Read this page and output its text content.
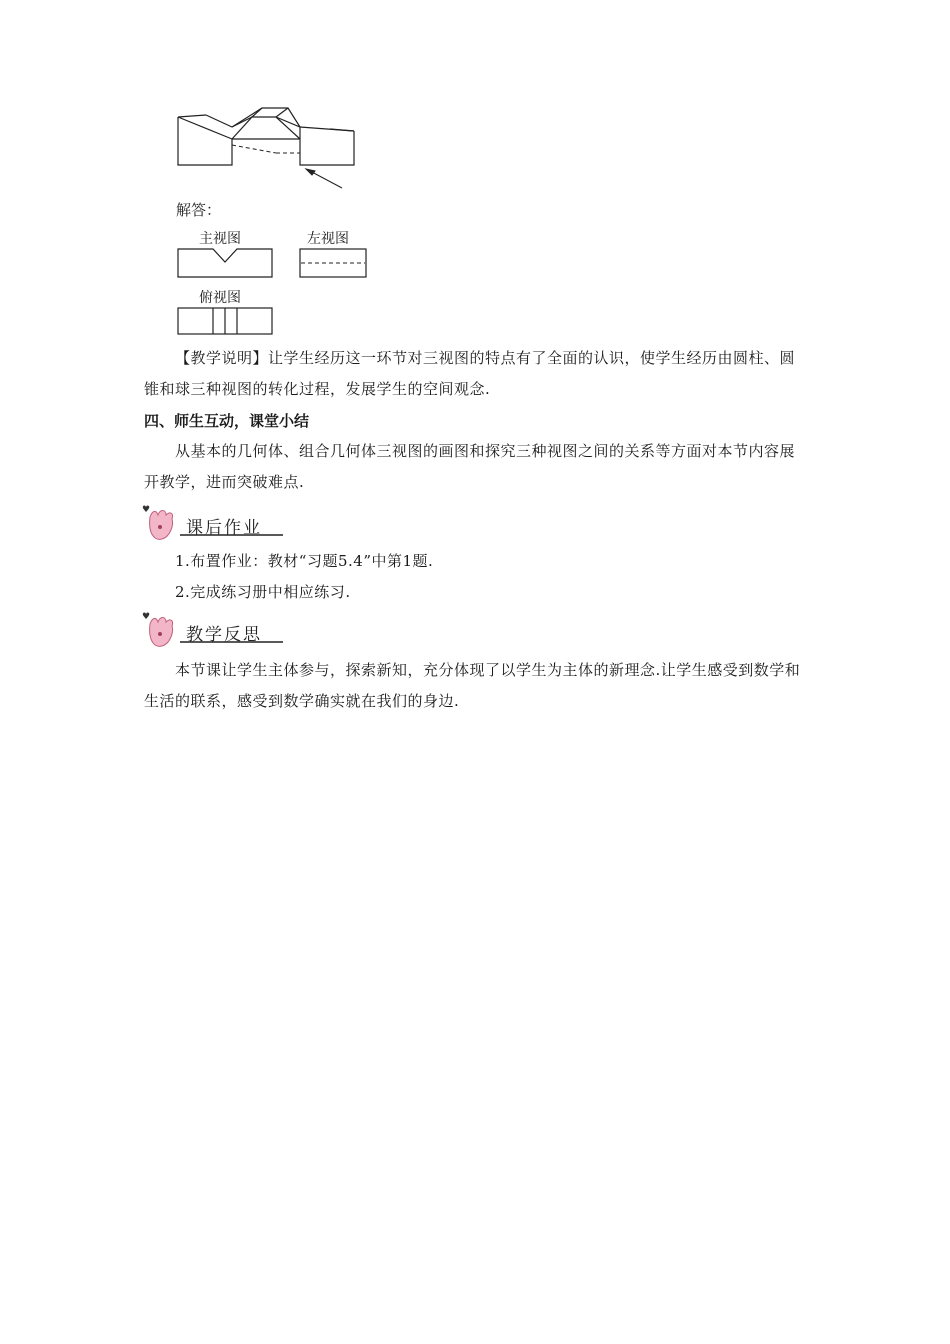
解答：
主视图	左视图
俯视图
【教学说明】让学生经历这一环节对三视图的特点有了全面的认识，使学生经历由圆柱、圆锥和球三种视图的转化过程，发展学生的空间观念.
四、师生互动，课堂小结
从基本的几何体、组合几何体三视图的画图和探究三种视图之间的关系等方面对本节内容展开教学，进而突破难点.
♥
课后作业
1.布置作业：教材“习题5.4”中第1题.
2.完成练习册中相应练习.
♥
教学反思
本节课让学生主体参与，探索新知，充分体现了以学生为主体的新理念.让学生感受到数学和生活的联系，感受到数学确实就在我们的身边.
